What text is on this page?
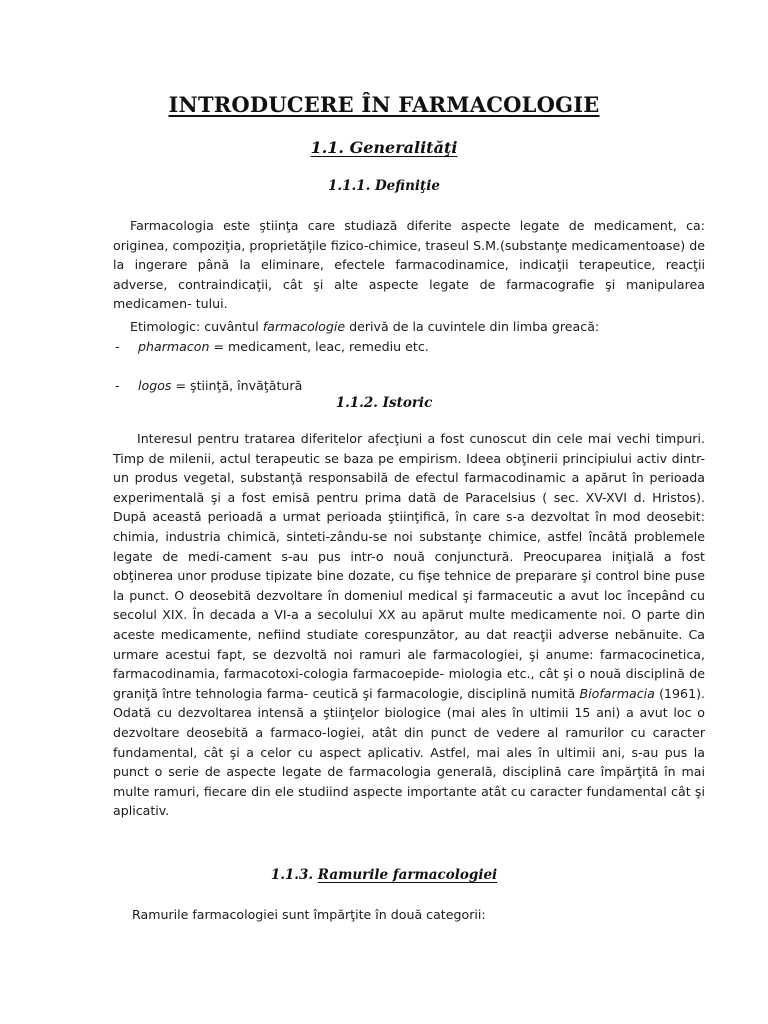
INTRODUCERE ÎN FARMACOLOGIE
1.1. Generalităţi
1.1.1. Definiţie
Farmacologia este ştiinţa care studiază diferite aspecte legate de medicament, ca: originea, compoziţia, proprietăţile fizico-chimice, traseul S.M.(substanţe medicamentoase) de la ingerare până la eliminare, efectele farmacodinamice, indicaţii terapeutice, reacţii adverse, contraindicaţii, cât şi alte aspecte legate de farmacografie şi manipularea medicamen- tului.
Etimologic: cuvântul farmacologie derivă de la cuvintele din limba greacă:
- pharmacon = medicament, leac, remediu etc.
- logos = ştiinţă, învăţătură
1.1.2. Istoric
Interesul pentru tratarea diferitelor afecţiuni a fost cunoscut din cele mai vechi timpuri. Timp de milenii, actul terapeutic se baza pe empirism. Ideea obţinerii principiului activ dintr-un produs vegetal, substanţă responsabilă de efectul farmacodinamic a apărut în perioada experimentală şi a fost emisă pentru prima dată de Paracelsius ( sec. XV-XVI d. Hristos). După această perioadă a urmat perioada ştiinţifică, în care s-a dezvoltat în mod deosebit: chimia, industria chimică, sinteti-zându-se noi substanţe chimice, astfel încâtă problemele legate de medi-cament s-au pus intr-o nouă conjunctură. Preocuparea iniţială a fost obţinerea unor produse tipizate bine dozate, cu fişe tehnice de preparare şi control bine puse la punct. O deosebită dezvoltare în domeniul medical şi farmaceutic a avut loc începând cu secolul XIX. În decada a VI-a a secolului XX au apărut multe medicamente noi. O parte din aceste medicamente, nefiind studiate corespunzător, au dat reacţii adverse nebănuite. Ca urmare acestui fapt, se dezvoltă noi ramuri ale farmacologiei, şi anume: farmacocinetica, farmacodinamia, farmacotoxi-cologia farmacoepide- miologia etc., cât şi o nouă disciplină de graniţă între tehnologia farma- ceutică şi farmacologie, disciplină numită Biofarmacia (1961). Odată cu dezvoltarea intensă a ştiinţelor biologice (mai ales în ultimii 15 ani) a avut loc o dezvoltare deosebită a farmaco-logiei, atât din punct de vedere al ramurilor cu caracter fundamental, cât şi a celor cu aspect aplicativ. Astfel, mai ales în ultimii ani, s-au pus la punct o serie de aspecte legate de farmacologia generală, disciplină care împărţită în mai multe ramuri, fiecare din ele studiind aspecte importante atât cu caracter fundamental cât şi aplicativ.
1.1.3. Ramurile farmacologiei
Ramurile farmacologiei sunt împărţite în două categorii:
